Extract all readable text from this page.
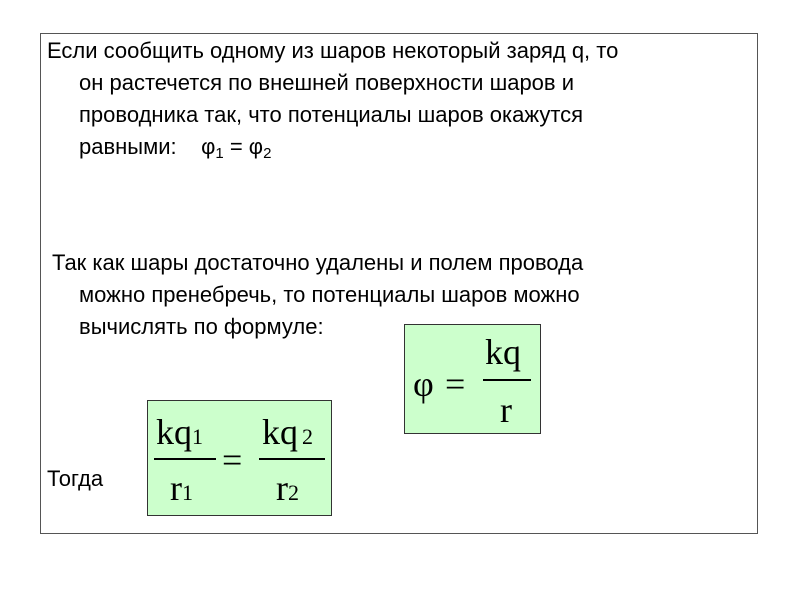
Если сообщить одному из шаров некоторый заряд q, то
он растечется по внешней поверхности шаров и
проводника так, что потенциалы шаров окажутся
равными:    $\varphi_1 = \varphi_2$
Так как шары достаточно удалены и полем провода
можно пренебречь, то потенциалы шаров можно
вычислять по формуле:
Тогда
φ =
kq
r
kq1
r1
=
kq 2
r2
